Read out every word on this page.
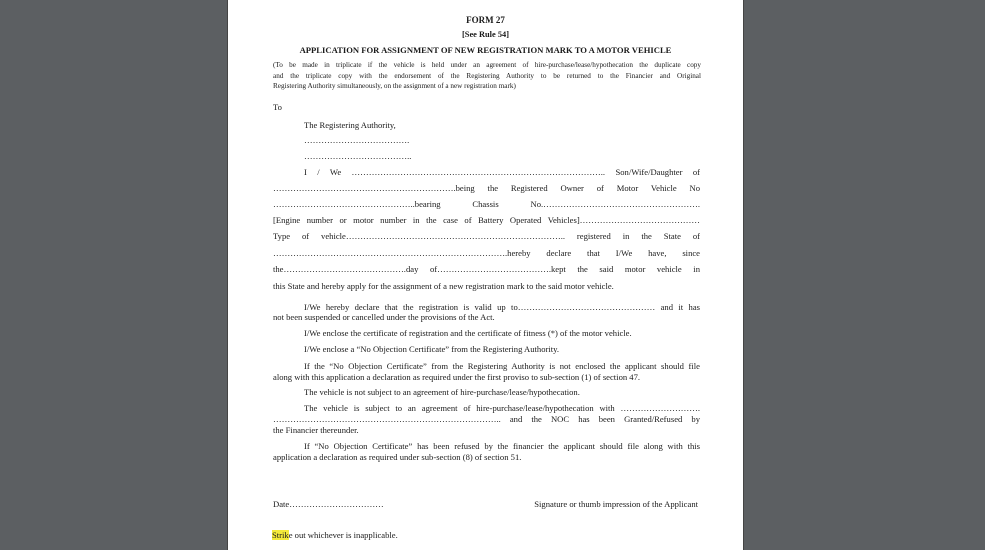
FORM 27
[See Rule 54]
APPLICATION FOR ASSIGNMENT OF NEW REGISTRATION MARK TO A MOTOR VEHICLE
(To be made in triplicate if the vehicle is held under an agreement of hire-purchase/lease/hypothecation the duplicate copy
and the triplicate copy with the endorsement of the Registering Authority to be returned to the Financier and Original
Registering Authority simultaneously, on the assignment of a new registration mark)
To
The Registering Authority,
……………………………….
………………………………..
I / We …………………………………………………………………………….. Son/Wife/Daughter of
……………………………………………………….being the Registered Owner of Motor Vehicle No
…………………………………………..bearing Chassis No.……………………………………………….
[Engine number or motor number in the case of Battery Operated Vehicles]……………………………………
Type of vehicle………………………………………………………………….. registered in the State of
……………………………………………………………………….hereby declare that I/We have, since
the…………………………………….day of………………………………….kept the said motor vehicle in
this State and hereby apply for the assignment of a new registration mark to the said motor vehicle.
I/We hereby declare that the registration is valid up to………………………………………… and it has
not been suspended or cancelled under the provisions of the Act.
I/We enclose the certificate of registration and the certificate of fitness (*) of the motor vehicle.
I/We enclose a “No Objection Certificate” from the Registering Authority.
If the “No Objection Certificate” from the Registering Authority is not enclosed the applicant should file
along with this application a declaration as required under the first proviso to sub-section (1) of section 47.
The vehicle is not subject to an agreement of hire-purchase/lease/hypothecation.
The vehicle is subject to an agreement of hire-purchase/lease/hypothecation with ……………………….
…………………………………………………………………….. and the NOC has been Granted/Refused by
the Financier thereunder.
If “No Objection Certificate” has been refused by the financier the applicant should file along with this
application a declaration as required under sub-section (8) of section 51.
Date……………………………	Signature or thumb impression of the Applicant
Strike out whichever is inapplicable.
